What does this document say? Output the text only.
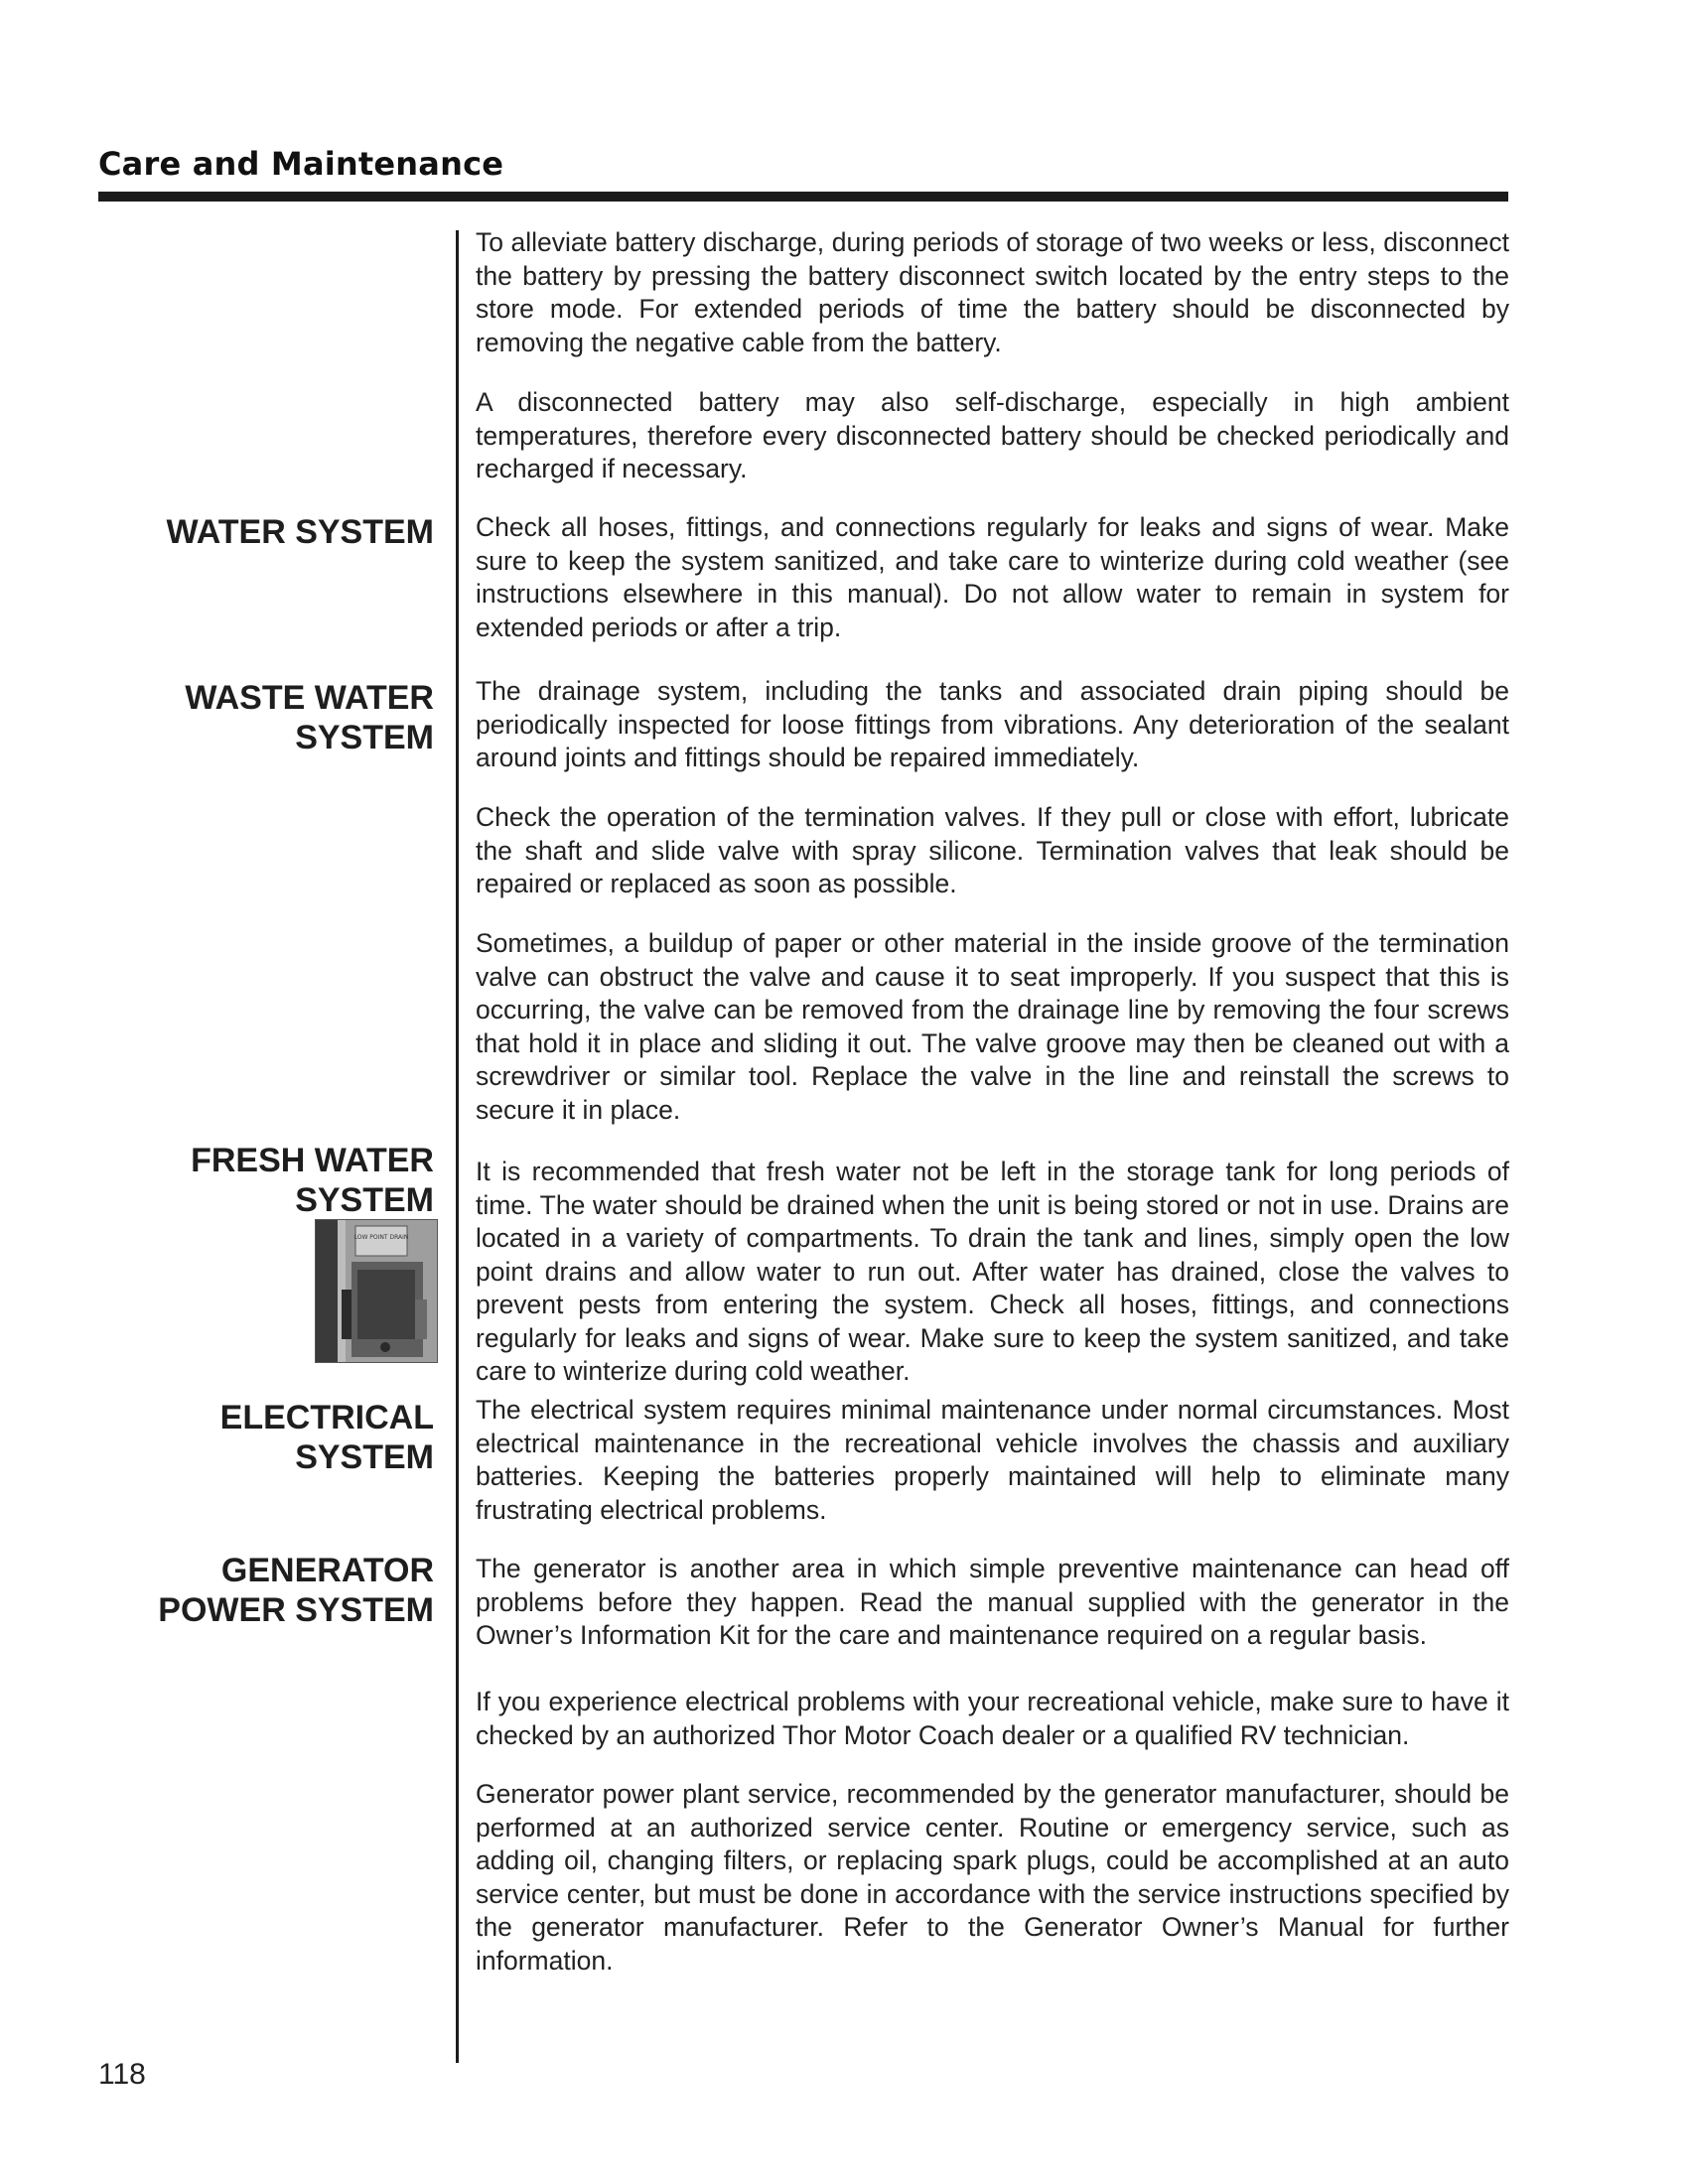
Care and Maintenance

To alleviate battery discharge, during periods of storage of two weeks or less, disconnect the battery by pressing the battery disconnect switch located by the entry steps to the store mode. For extended periods of time the battery should be disconnected by removing the negative cable from the battery.

A disconnected battery may also self-discharge, especially in high ambient temperatures, therefore every disconnected battery should be checked periodically and recharged if necessary.

WATER SYSTEM Check all hoses, fittings, and connections regularly for leaks and signs of wear. Make sure to keep the system sanitized, and take care to winterize during cold weather (see instructions elsewhere in this manual). Do not allow water to remain in system for extended periods or after a trip.

WASTE WATER
SYSTEM

The drainage system, including the tanks and associated drain piping should be periodically inspected for loose fittings from vibrations. Any deterioration of the sealant around joints and fittings should be repaired immediately.

Check the operation of the termination valves. If they pull or close with effort, lubricate the shaft and slide valve with spray silicone. Termination valves that leak should be repaired or replaced as soon as possible.

Sometimes, a buildup of paper or other material in the inside groove of the termination valve can obstruct the valve and cause it to seat improperly. If you suspect that this is occurring, the valve can be removed from the drainage line by removing the four screws that hold it in place and sliding it out. The valve groove may then be cleaned out with a screwdriver or similar tool. Replace the valve in the line and reinstall the screws to secure it in place.

FRESH WATER
SYSTEM
LOW POINT DRAIN

It is recommended that fresh water not be left in the storage tank for long periods of time. The water should be drained when the unit is being stored or not in use. Drains are located in a variety of compartments. To drain the tank and lines, simply open the low point drains and allow water to run out. After water has drained, close the valves to prevent pests from entering the system. Check all hoses, fittings, and connections regularly for leaks and signs of wear. Make sure to keep the system sanitized, and take care to winterize during cold weather.

ELECTRICAL
SYSTEM

The electrical system requires minimal maintenance under normal circumstances. Most electrical maintenance in the recreational vehicle involves the chassis and auxiliary batteries. Keeping the batteries properly maintained will help to eliminate many frustrating electrical problems.

GENERATOR
POWER SYSTEM

The generator is another area in which simple preventive maintenance can head off problems before they happen. Read the manual supplied with the generator in the Owner’s Information Kit for the care and maintenance required on a regular basis.

If you experience electrical problems with your recreational vehicle, make sure to have it checked by an authorized Thor Motor Coach dealer or a qualified RV technician.

Generator power plant service, recommended by the generator manufacturer, should be performed at an authorized service center. Routine or emergency service, such as adding oil, changing filters, or replacing spark plugs, could be accomplished at an auto service center, but must be done in accordance with the service instructions specified by the generator manufacturer. Refer to the Generator Owner’s Manual for further information.

118
